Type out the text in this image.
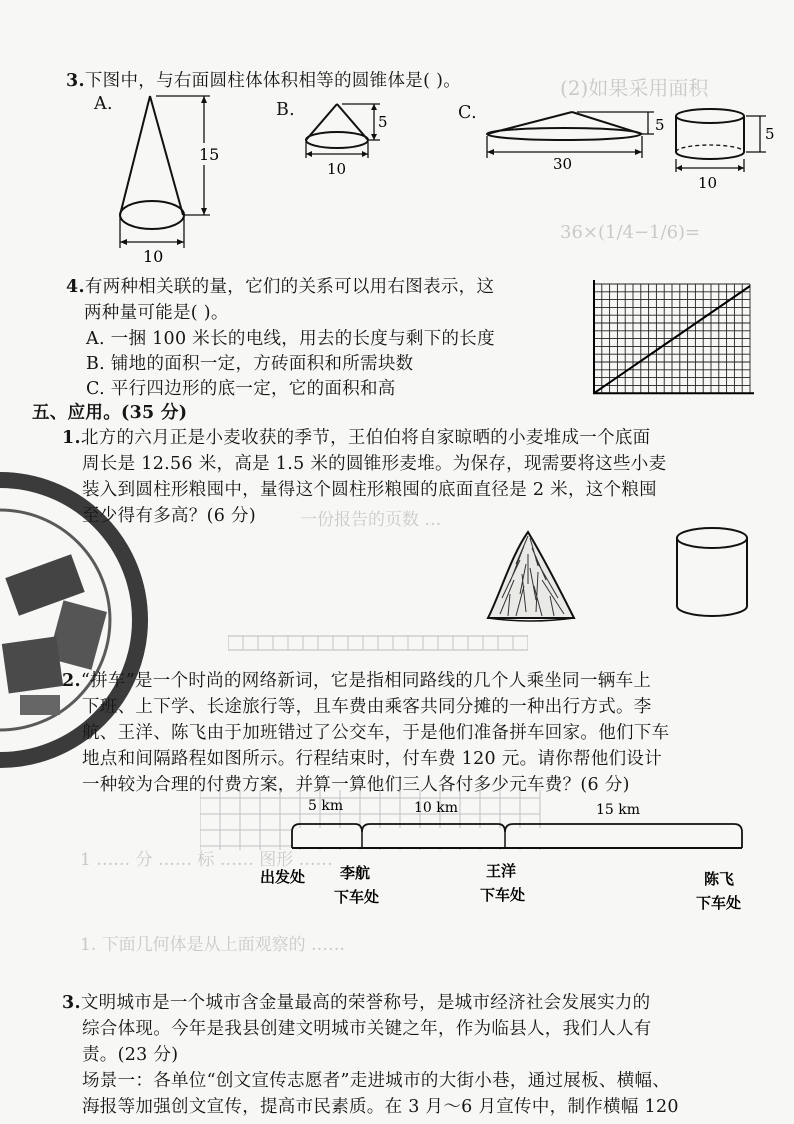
(2)如果采用面积
36×(1/4−1/6)=
一份报告的页数 …
1 …… 分 …… 标 …… 图形 ……
1. 下面几何体是从上面观察的 ……
3.下图中，与右面圆柱体体积相等的圆锥体是( )。
A.	B.	C.
15
10
5
10
5
30
5
10
4.有两种相关联的量，它们的关系可以用右图表示，这
两种量可能是( )。
A. 一捆 100 米长的电线，用去的长度与剩下的长度
B. 铺地的面积一定，方砖面积和所需块数
C. 平行四边形的底一定，它的面积和高
五、应用。(35 分)
1.北方的六月正是小麦收获的季节，王伯伯将自家晾晒的小麦堆成一个底面
周长是 12.56 米，高是 1.5 米的圆锥形麦堆。为保存，现需要将这些小麦
装入到圆柱形粮囤中，量得这个圆柱形粮囤的底面直径是 2 米，这个粮囤
至少得有多高？(6 分)
2.“拼车”是一个时尚的网络新词，它是指相同路线的几个人乘坐同一辆车上
下班、上下学、长途旅行等，且车费由乘客共同分摊的一种出行方式。李
航、王洋、陈飞由于加班错过了公交车，于是他们准备拼车回家。他们下车
地点和间隔路程如图所示。行程结束时，付车费 120 元。请你帮他们设计
一种较为合理的付费方案，并算一算他们三人各付多少元车费？(6 分)
5 km	10 km	15 km
出发处 李航
下车处
王洋
下车处
陈飞
下车处
3.文明城市是一个城市含金量最高的荣誉称号，是城市经济社会发展实力的
综合体现。今年是我县创建文明城市关键之年，作为临县人，我们人人有
责。(23 分)
场景一：各单位“创文宣传志愿者”走进城市的大街小巷，通过展板、横幅、
海报等加强创文宣传，提高市民素质。在 3 月～6 月宣传中，制作横幅 120
